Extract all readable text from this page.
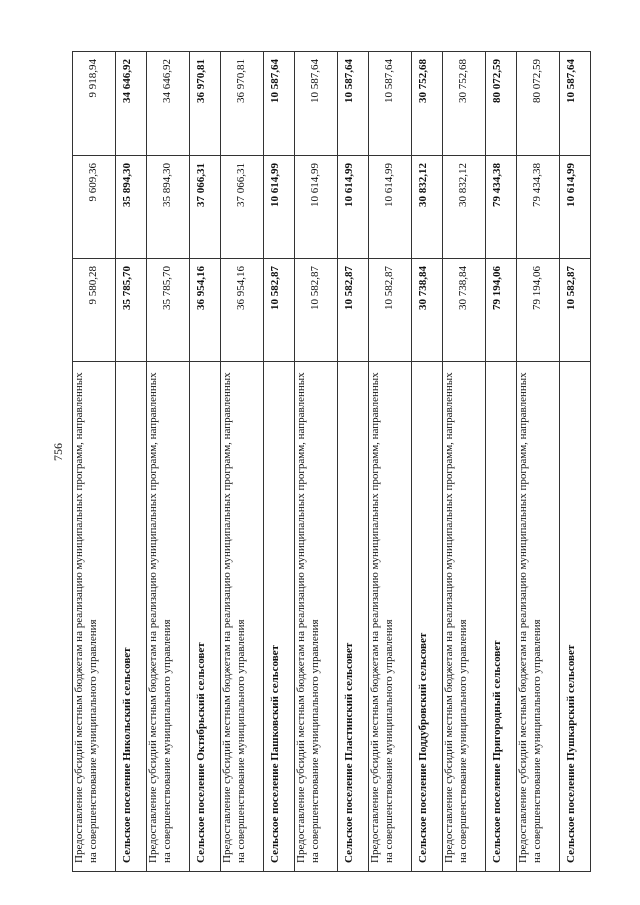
756 Предоставление субсидий местным бюджетам на реализацию муниципальных программ, направленных на совершенствование муниципального управления	9 580,28	9 609,36	9 918,94
Сельское поселение Никольский сельсовет	35 785,70	35 894,30	34 646,92
Предоставление субсидий местным бюджетам на реализацию муниципальных программ, направленных на совершенствование муниципального управления	35 785,70	35 894,30	34 646,92
Сельское поселение Октябрьский сельсовет	36 954,16	37 066,31	36 970,81
Предоставление субсидий местным бюджетам на реализацию муниципальных программ, направленных на совершенствование муниципального управления	36 954,16	37 066,31	36 970,81
Сельское поселение Пашковский сельсовет	10 582,87	10 614,99	10 587,64
Предоставление субсидий местным бюджетам на реализацию муниципальных программ, направленных на совершенствование муниципального управления	10 582,87	10 614,99	10 587,64
Сельское поселение Пластинский сельсовет	10 582,87	10 614,99	10 587,64
Предоставление субсидий местным бюджетам на реализацию муниципальных программ, направленных на совершенствование муниципального управления	10 582,87	10 614,99	10 587,64
Сельское поселение Поддубровский сельсовет	30 738,84	30 832,12	30 752,68
Предоставление субсидий местным бюджетам на реализацию муниципальных программ, направленных на совершенствование муниципального управления	30 738,84	30 832,12	30 752,68
Сельское поселение Пригородный сельсовет	79 194,06	79 434,38	80 072,59
Предоставление субсидий местным бюджетам на реализацию муниципальных программ, направленных на совершенствование муниципального управления	79 194,06	79 434,38	80 072,59
Сельское поселение Пушкарский сельсовет	10 582,87	10 614,99	10 587,64
